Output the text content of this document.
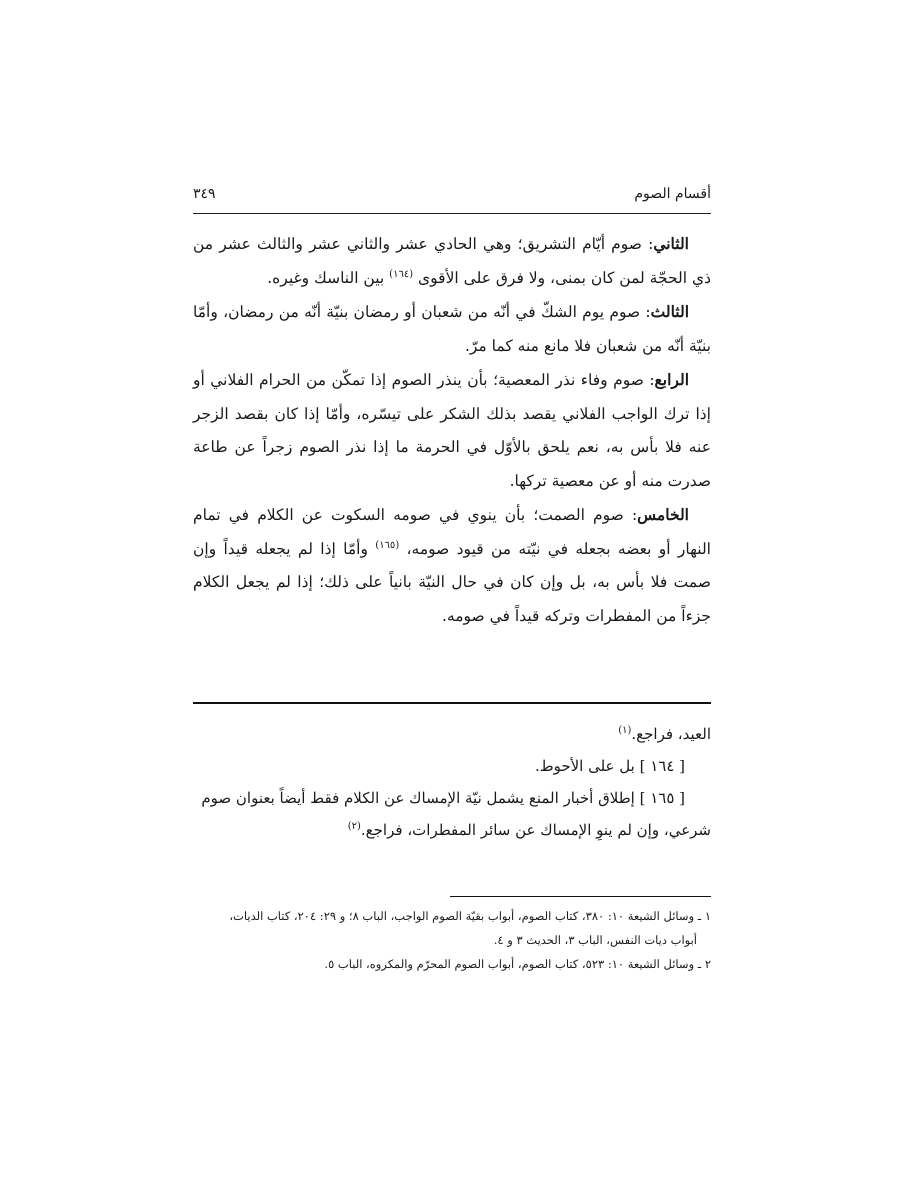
أقسام الصوم
٣٤٩

الثاني: صوم أيّام التشريق؛ وهي الحادي عشر والثاني عشر والثالث عشر من ذي الحجّة لمن كان بمنى، ولا فرق على الأقوى $^{(١٦٤)}$ بين الناسك وغيره.

الثالث: صوم يوم الشكّ في أنّه من شعبان أو رمضان بنيّة أنّه من رمضان، وأمّا بنيّة أنّه من شعبان فلا مانع منه كما مرّ.

الرابع: صوم وفاء نذر المعصية؛ بأن ينذر الصوم إذا تمكّن من الحرام الفلاني أو إذا ترك الواجب الفلاني يقصد بذلك الشكر على تيسّره، وأمّا إذا كان بقصد الزجر عنه فلا بأس به، نعم يلحق بالأوّل في الحرمة ما إذا نذر الصوم زجراً عن طاعة صدرت منه أو عن معصية تركها.

الخامس: صوم الصمت؛ بأن ينوي في صومه السكوت عن الكلام في تمام النهار أو بعضه بجعله في نيّته من قيود صومه، $^{(١٦٥)}$ وأمّا إذا لم يجعله قيداً وإن صمت فلا بأس به، بل وإن كان في حال النيّة بانياً على ذلك؛ إذا لم يجعل الكلام جزءاً من المفطرات وتركه قيداً في صومه.

العيد، فراجع.$^{(١)}$

[ ١٦٤ ] بل على الأحوط.

[ ١٦٥ ] إطلاق أخبار المنع يشمل نيّة الإمساك عن الكلام فقط أيضاً بعنوان صوم شرعي، وإن لم ينوِ الإمساك عن سائر المفطرات، فراجع.$^{(٢)}$

١ ـ وسائل الشيعة ١٠: ٣٨٠، كتاب الصوم، أبواب بقيّة الصوم الواجب، الباب ٨؛ و ٢٩: ٢٠٤، كتاب الديات،

أبواب ديات النفس، الباب ٣، الحديث ٣ و ٤.

٢ ـ وسائل الشيعة ١٠: ٥٢٣، كتاب الصوم، أبواب الصوم المحرّم والمكروه، الباب ٥.
